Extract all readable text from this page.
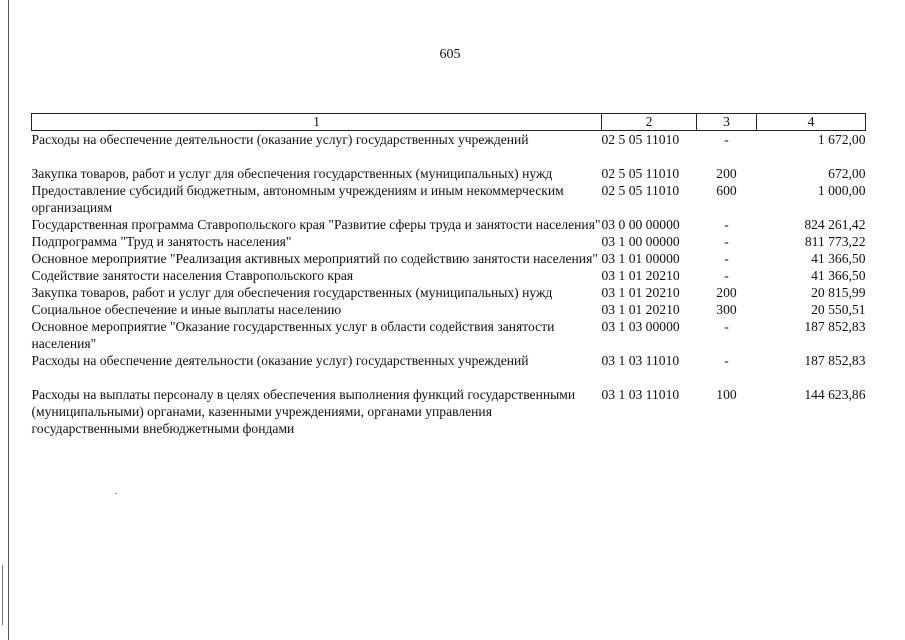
605
1	2	3	4
Расходы на обеспечение деятельности (оказание услуг) государственных учреждений	02 5 05 11010	-	1 672,00
Закупка товаров, работ и услуг для обеспечения государственных (муниципальных) нужд	02 5 05 11010	200	672,00
Предоставление субсидий бюджетным, автономным учреждениям и иным некоммерческим организациям	02 5 05 11010	600	1 000,00
Государственная программа Ставропольского края "Развитие сферы труда и занятости населения"	03 0 00 00000	-	824 261,42
Подпрограмма "Труд и занятость населения"	03 1 00 00000	-	811 773,22
Основное мероприятие "Реализация активных мероприятий по содействию занятости населения"	03 1 01 00000	-	41 366,50
Содействие занятости населения Ставропольского края	03 1 01 20210	-	41 366,50
Закупка товаров, работ и услуг для обеспечения государственных (муниципальных) нужд	03 1 01 20210	200	20 815,99
Социальное обеспечение и иные выплаты населению	03 1 01 20210	300	20 550,51
Основное мероприятие "Оказание государственных услуг в области содействия занятости населения"	03 1 03 00000	-	187 852,83
Расходы на обеспечение деятельности (оказание услуг) государственных учреждений	03 1 03 11010	-	187 852,83
Расходы на выплаты персоналу в целях обеспечения выполнения функций государственными (муниципальными) органами, казенными учреждениями, органами управления государственными внебюджетными фондами	03 1 03 11010	100	144 623,86
